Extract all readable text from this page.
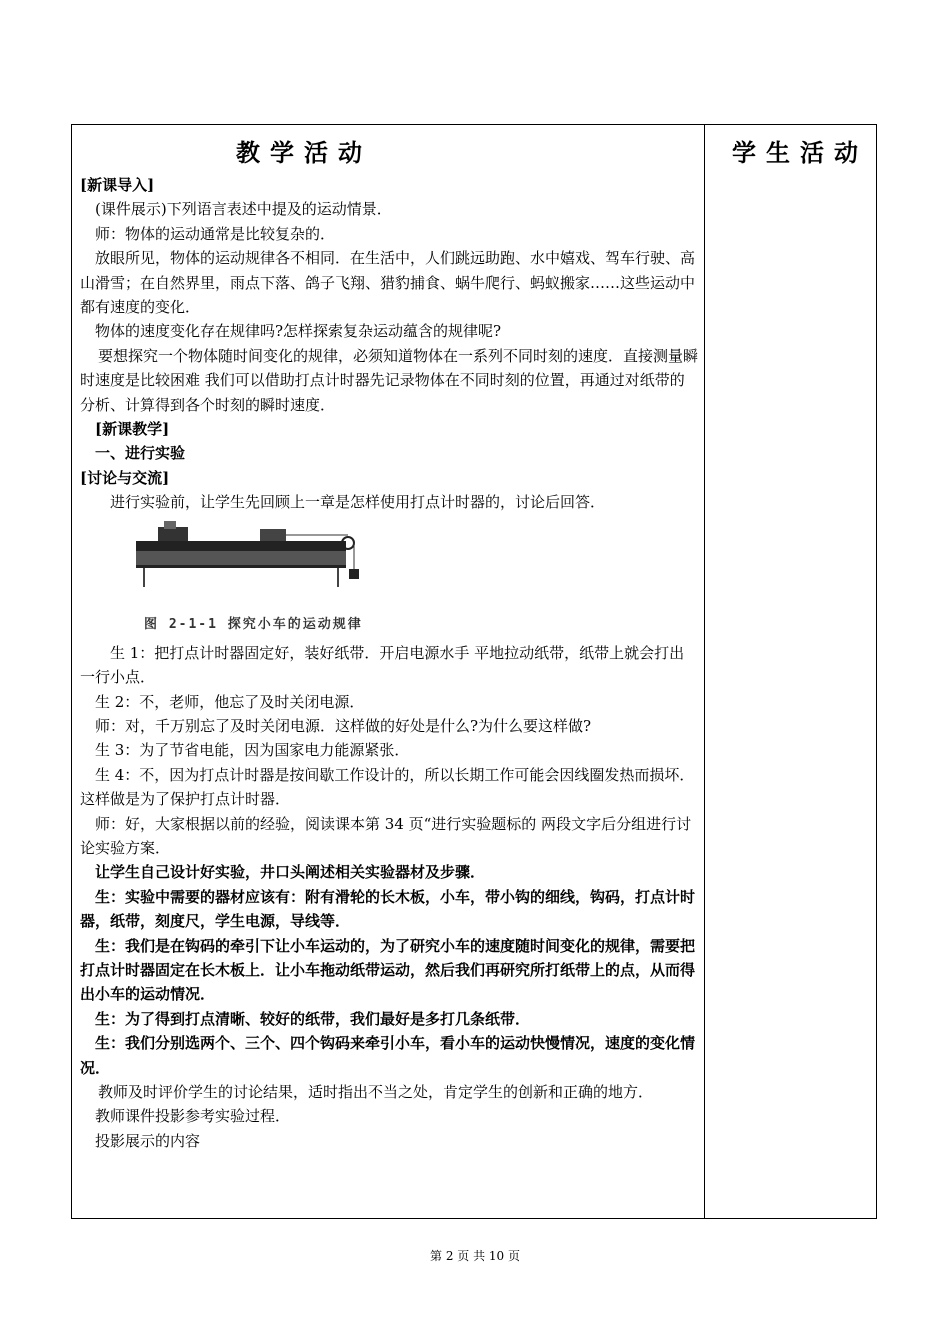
教学活动	学生活动

[新课导入]

(课件展示)下列语言表述中提及的运动情景．

师：物体的运动通常是比较复杂的．

放眼所见，物体的运动规律各不相同．在生活中，人们跳远助跑、水中嬉戏、驾车行驶、高山滑雪；在自然界里，雨点下落、鸽子飞翔、猎豹捕食、蜗牛爬行、蚂蚁搬家……这些运动中都有速度的变化．

物体的速度变化存在规律吗?怎样探索复杂运动蕴含的规律呢?

要想探究一个物体随时间变化的规律，必须知道物体在一系列不同时刻的速度．直接测量瞬时速度是比较困难 我们可以借助打点计时器先记录物体在不同时刻的位置，再通过对纸带的分析、计算得到各个时刻的瞬时速度．

[新课教学]

一、进行实验

[讨论与交流]

进行实验前，让学生先回顾上一章是怎样使用打点计时器的，讨论后回答．

图 2-1-1 探究小车的运动规律

生 1：把打点计时器固定好，装好纸带．开启电源水手 平地拉动纸带，纸带上就会打出一行小点．

生 2：不，老师，他忘了及时关闭电源．

师：对，千万别忘了及时关闭电源．这样做的好处是什么?为什么要这样做?

生 3：为了节省电能，因为国家电力能源紧张．

生 4：不，因为打点计时器是按间歇工作设计的，所以长期工作可能会因线圈发热而损坏．这样做是为了保护打点计时器．

师：好，大家根据以前的经验，阅读课本第 34 页“进行实验题标的 两段文字后分组进行讨论实验方案．

让学生自己设计好实验，井口头阐述相关实验器材及步骤．

生：实验中需要的器材应该有：附有滑轮的长木板，小车，带小钩的细线，钩码，打点计时器，纸带，刻度尺，学生电源，导线等．

生：我们是在钩码的牵引下让小车运动的，为了研究小车的速度随时间变化的规律，需要把打点计时器固定在长木板上．让小车拖动纸带运动，然后我们再研究所打纸带上的点，从而得出小车的运动情况．

生：为了得到打点清晰、较好的纸带，我们最好是多打几条纸带．

生：我们分别选两个、三个、四个钩码来牵引小车，看小车的运动快慢情况，速度的变化情况．

教师及时评价学生的讨论结果，适时指出不当之处，肯定学生的创新和正确的地方．

教师课件投影参考实验过程．

投影展示的内容

第 2 页 共 10 页
